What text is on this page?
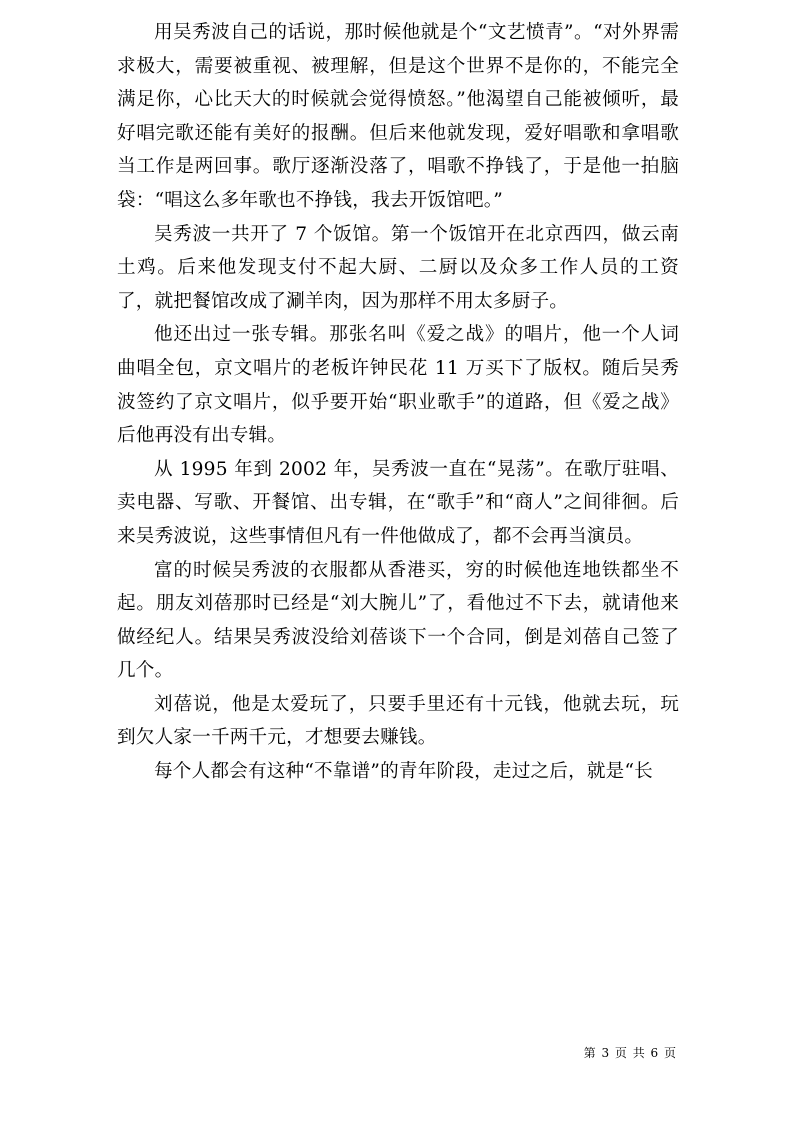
用吴秀波自己的话说，那时候他就是个“文艺愤青”。“对外界需求极大，需要被重视、被理解，但是这个世界不是你的，不能完全满足你，心比天大的时候就会觉得愤怒。”他渴望自己能被倾听，最好唱完歌还能有美好的报酬。但后来他就发现，爱好唱歌和拿唱歌当工作是两回事。歌厅逐渐没落了，唱歌不挣钱了，于是他一拍脑袋：“唱这么多年歌也不挣钱，我去开饭馆吧。”

吴秀波一共开了 7 个饭馆。第一个饭馆开在北京西四，做云南土鸡。后来他发现支付不起大厨、二厨以及众多工作人员的工资了，就把餐馆改成了涮羊肉，因为那样不用太多厨子。

他还出过一张专辑。那张名叫《爱之战》的唱片，他一个人词曲唱全包，京文唱片的老板许钟民花 11 万买下了版权。随后吴秀波签约了京文唱片，似乎要开始“职业歌手”的道路，但《爱之战》后他再没有出专辑。

从 1995 年到 2002 年，吴秀波一直在“晃荡”。在歌厅驻唱、卖电器、写歌、开餐馆、出专辑，在“歌手”和“商人”之间徘徊。后来吴秀波说，这些事情但凡有一件他做成了，都不会再当演员。

富的时候吴秀波的衣服都从香港买，穷的时候他连地铁都坐不起。朋友刘蓓那时已经是“刘大腕儿”了，看他过不下去，就请他来做经纪人。结果吴秀波没给刘蓓谈下一个合同，倒是刘蓓自己签了几个。

刘蓓说，他是太爱玩了，只要手里还有十元钱，他就去玩，玩到欠人家一千两千元，才想要去赚钱。

每个人都会有这种“不靠谱”的青年阶段，走过之后，就是“长

第 3 页 共 6 页
